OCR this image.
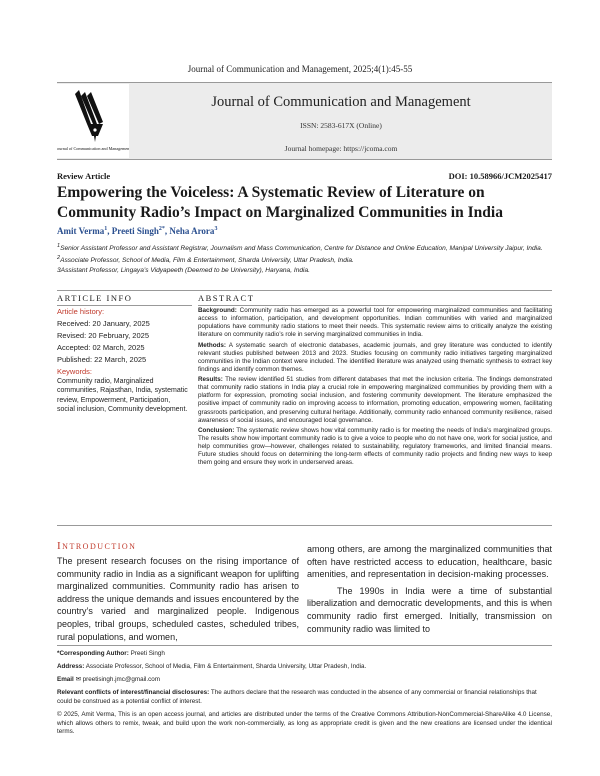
Journal of Communication and Management, 2025;4(1):45-55
Journal of Communication and Management
Journal of Communication and Management
ISSN: 2583-617X (Online)
Journal homepage: https://jcoma.com
Review Article	DOI: 10.58966/JCM2025417
Empowering the Voiceless: A Systematic Review of Literature on Community Radio’s Impact on Marginalized Communities in India
Amit Verma$^1$, Preeti Singh$^{2*}$, Neha Arora$^3$
$^1$Senior Assistant Professor and Assistant Registrar, Journalism and Mass Communication, Centre for Distance and Online Education, Manipal University Jaipur, India.
$^2$Associate Professor, School of Media, Film & Entertainment, Sharda University, Uttar Pradesh, India.
3Assistant Professor, Lingaya’s Vidyapeeth (Deemed to be University), Haryana, India.
ARTICLE INFO	ABSTRACT
Article history:
Received: 20 January, 2025
Revised: 20 February, 2025
Accepted: 02 March, 2025
Published: 22 March, 2025
Keywords:
Community radio, Marginalized communities, Rajasthan, India, systematic review, Empowerment, Participation, social inclusion, Community development.

Background: Community radio has emerged as a powerful tool for empowering marginalized communities and facilitating access to information, participation, and development opportunities. Indian communities with varied and marginalized populations have community radio stations to meet their needs. This systematic review aims to critically analyze the existing literature on community radio’s role in serving marginalized communities in India.

Methods: A systematic search of electronic databases, academic journals, and grey literature was conducted to identify relevant studies published between 2013 and 2023. Studies focusing on community radio initiatives targeting marginalized communities in the Indian context were included. The identified literature was analyzed using thematic synthesis to extract key findings and identify common themes.

Results: The review identified 51 studies from different databases that met the inclusion criteria. The findings demonstrated that community radio stations in India play a crucial role in empowering marginalized communities by providing them with a platform for expression, promoting social inclusion, and fostering community development. The literature emphasized the positive impact of community radio on improving access to information, promoting education, empowering women, facilitating grassroots participation, and preserving cultural heritage. Additionally, community radio enhanced community resilience, raised awareness of social issues, and encouraged local governance.

Conclusion: The systematic review shows how vital community radio is for meeting the needs of India’s marginalized groups. The results show how important community radio is to give a voice to people who do not have one, work for social justice, and help communities grow—however, challenges related to sustainability, regulatory frameworks, and limited financial means. Future studies should focus on determining the long-term effects of community radio projects and finding new ways to keep them going and ensure they work in underserved areas.

Introduction
The present research focuses on the rising importance of community radio in India as a significant weapon for uplifting marginalized communities. Community radio has arisen to address the unique demands and issues encountered by the country’s varied and marginalized people. Indigenous peoples, tribal groups, scheduled castes, scheduled tribes, rural populations, and women,

among others, are among the marginalized communities that often have restricted access to education, healthcare, basic amenities, and representation in decision-making processes.

The 1990s in India were a time of substantial liberalization and democratic developments, and this is when community radio first emerged. Initially, transmission on community radio was limited to

*Corresponding Author: Preeti Singh
Address: Associate Professor, School of Media, Film & Entertainment, Sharda University, Uttar Pradesh, India.
Email ✉ preetisingh.jmc@gmail.com
Relevant conflicts of interest/financial disclosures: The authors declare that the research was conducted in the absence of any commercial or financial relationships that could be construed as a potential conflict of interest.
© 2025, Amit Verma, This is an open access journal, and articles are distributed under the terms of the Creative Commons Attribution-NonCommercial-ShareAlike 4.0 License, which allows others to remix, tweak, and build upon the work non-commercially, as long as appropriate credit is given and the new creations are licensed under the identical terms.
